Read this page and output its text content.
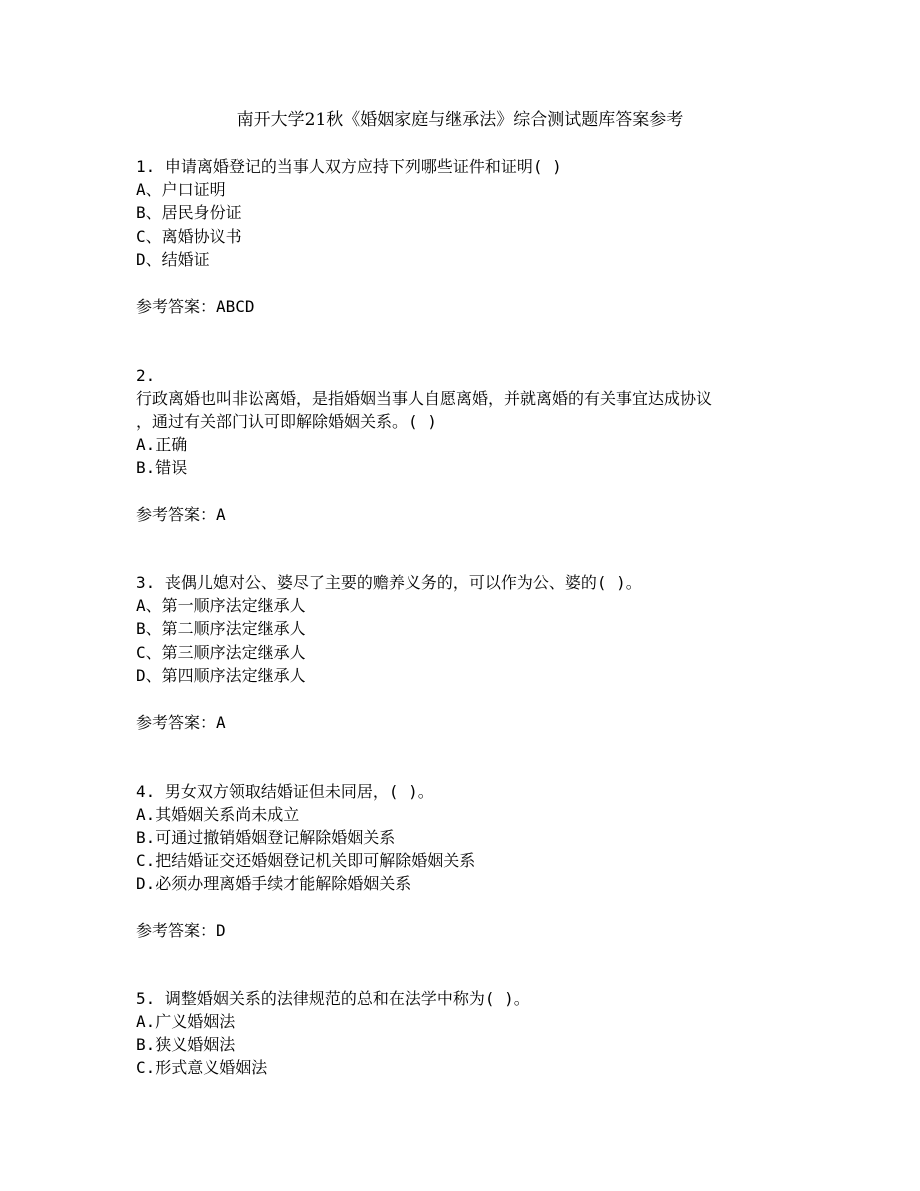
南开大学21秋《婚姻家庭与继承法》综合测试题库答案参考
1. 申请离婚登记的当事人双方应持下列哪些证件和证明( )
A、户口证明
B、居民身份证
C、离婚协议书
D、结婚证
参考答案：ABCD
2.
行政离婚也叫非讼离婚，是指婚姻当事人自愿离婚，并就离婚的有关事宜达成协议
，通过有关部门认可即解除婚姻关系。( )
A.正确
B.错误
参考答案：A
3. 丧偶儿媳对公、婆尽了主要的赡养义务的，可以作为公、婆的( )。
A、第一顺序法定继承人
B、第二顺序法定继承人
C、第三顺序法定继承人
D、第四顺序法定继承人
参考答案：A
4. 男女双方领取结婚证但未同居，( )。
A.其婚姻关系尚未成立
B.可通过撤销婚姻登记解除婚姻关系
C.把结婚证交还婚姻登记机关即可解除婚姻关系
D.必须办理离婚手续才能解除婚姻关系
参考答案：D
5. 调整婚姻关系的法律规范的总和在法学中称为( )。
A.广义婚姻法
B.狭义婚姻法
C.形式意义婚姻法
